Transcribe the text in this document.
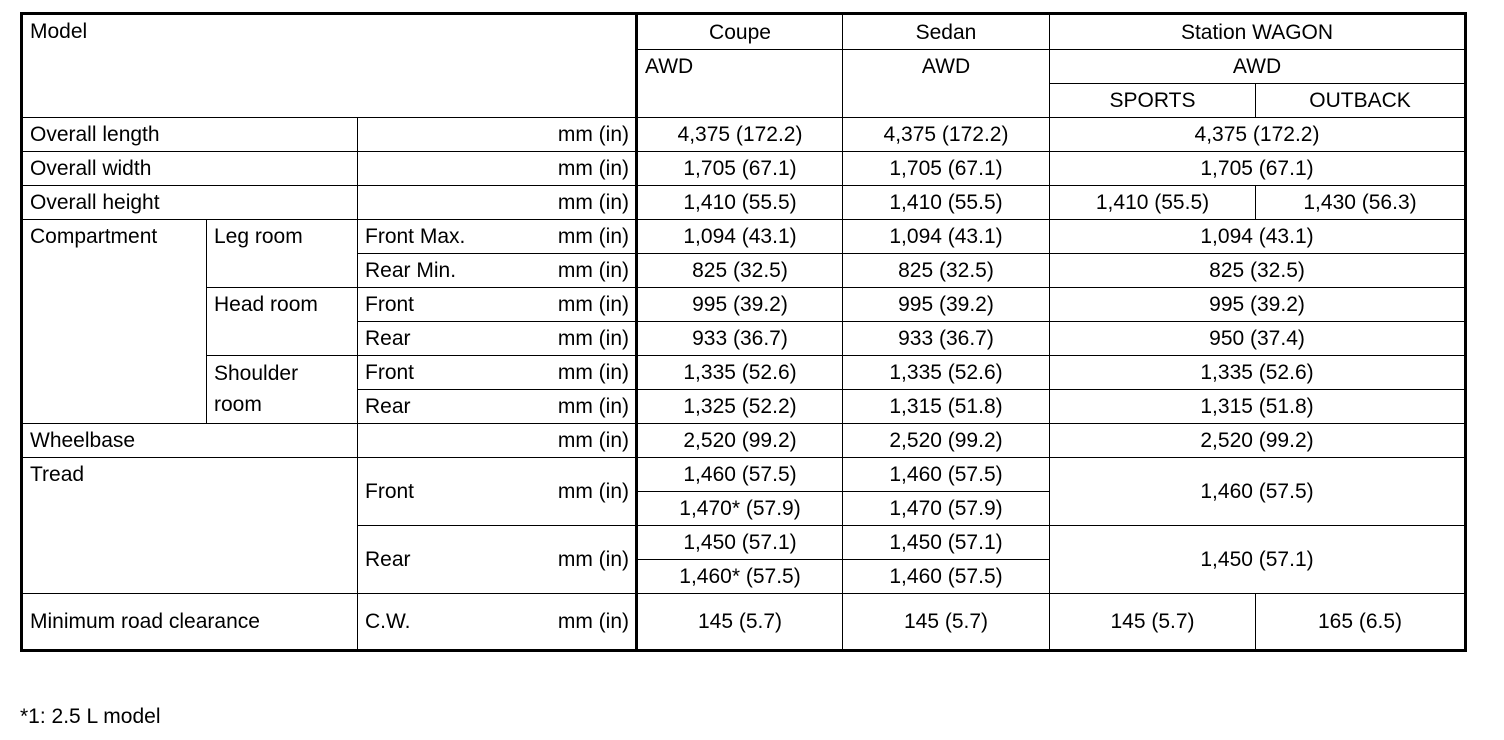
Model			Coupe	Sedan	Station WAGON	
			AWD	AWD	AWD	
					SPORTS	OUTBACK
Overall length		mm (in)	4,375 (172.2)	4,375 (172.2)	4,375 (172.2)	
Overall width		mm (in)	1,705 (67.1)	1,705 (67.1)	1,705 (67.1)	
Overall height		mm (in)	1,410 (55.5)	1,410 (55.5)	1,410 (55.5)	1,430 (56.3)
Compartment	Leg room	Front Max. mm (in)	1,094 (43.1)	1,094 (43.1)	1,094 (43.1)	

		Rear Min. mm (in)	825 (32.5)	825 (32.5)	825 (32.5)	
	Head room	Front mm (in)	995 (39.2)	995 (39.2)	995 (39.2)	

		Rear mm (in)	933 (36.7)	933 (36.7)	950 (37.4)	
	Shoulder room	Front mm (in)	1,335 (52.6)	1,335 (52.6)	1,335 (52.6)	

		Rear mm (in)	1,325 (52.2)	1,315 (51.8)	1,315 (51.8)	
Wheelbase		mm (in)	2,520 (99.2)	2,520 (99.2)	2,520 (99.2)	
Tread		Front mm (in)	1,460 (57.5)	1,460 (57.5)	1,460 (57.5)	
			1,470* (57.9)	1,470 (57.9)		

		Rear mm (in)	1,450 (57.1)	1,450 (57.1)	1,450 (57.1)	
			1,460* (57.5)	1,460 (57.5)		
Minimum road clearance		C.W. mm (in)	145 (5.7)	145 (5.7)	145 (5.7)	165 (6.5)
*1: 2.5 L model
